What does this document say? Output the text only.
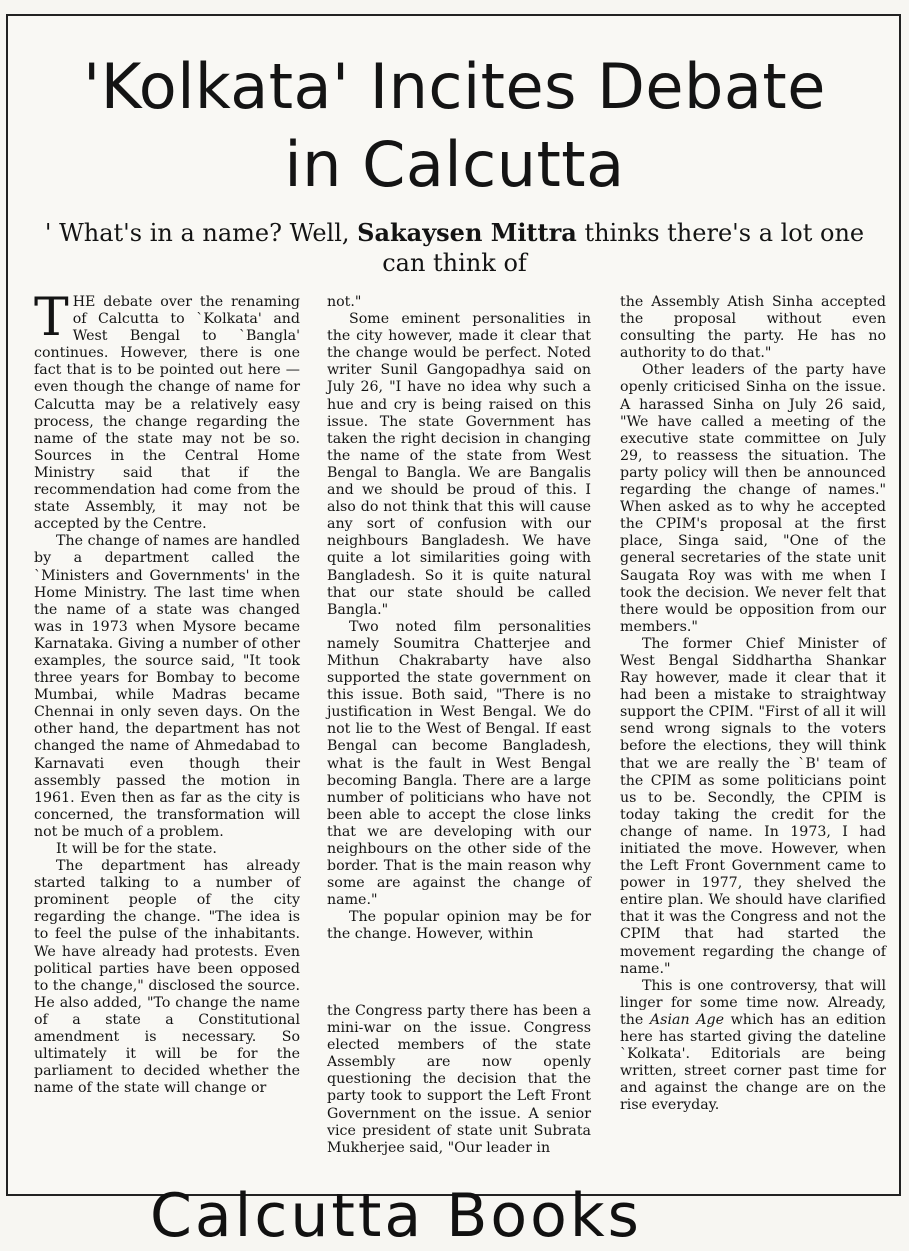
'Kolkata' Incites Debate
in Calcutta

' What's in a name? Well, Sakaysen Mittra thinks there's a lot one can think of

THE debate over the renaming of Calcutta to `Kolkata' and West Bengal to `Bangla' continues. However, there is one fact that is to be pointed out here — even though the change of name for Calcutta may be a relatively easy process, the change regarding the name of the state may not be so. Sources in the Central Home Ministry said that if the recommendation had come from the state Assembly, it may not be accepted by the Centre.

The change of names are handled by a department called the `Ministers and Governments' in the Home Ministry. The last time when the name of a state was changed was in 1973 when Mysore became Karnataka. Giving a number of other examples, the source said, "It took three years for Bombay to become Mumbai, while Madras became Chennai in only seven days. On the other hand, the department has not changed the name of Ahmedabad to Karnavati even though their assembly passed the motion in 1961. Even then as far as the city is concerned, the transformation will not be much of a problem.

It will be for the state.

The department has already started talking to a number of prominent people of the city regarding the change. "The idea is to feel the pulse of the inhabitants. We have already had protests. Even political parties have been opposed to the change," disclosed the source. He also added, "To change the name of a state a Constitutional amendment is necessary. So ultimately it will be for the parliament to decided whether the name of the state will change or

not."

Some eminent personalities in the city however, made it clear that the change would be perfect. Noted writer Sunil Gangopadhya said on July 26, "I have no idea why such a hue and cry is being raised on this issue. The state Government has taken the right decision in changing the name of the state from West Bengal to Bangla. We are Bangalis and we should be proud of this. I also do not think that this will cause any sort of confusion with our neighbours Bangladesh. We have quite a lot similarities going with Bangladesh. So it is quite natural that our state should be called Bangla."

Two noted film personalities namely Soumitra Chatterjee and Mithun Chakrabarty have also supported the state government on this issue. Both said, "There is no justification in West Bengal. We do not lie to the West of Bengal. If east Bengal can become Bangladesh, what is the fault in West Bengal becoming Bangla. There are a large number of politicians who have not been able to accept the close links that we are developing with our neighbours on the other side of the border. That is the main reason why some are against the change of name."

The popular opinion may be for the change. However, within

the Congress party there has been a mini-war on the issue. Congress elected members of the state Assembly are now openly questioning the decision that the party took to support the Left Front Government on the issue. A senior vice president of state unit Subrata Mukherjee said, "Our leader in

the Assembly Atish Sinha accepted the proposal without even consulting the party. He has no authority to do that."

Other leaders of the party have openly criticised Sinha on the issue. A harassed Sinha on July 26 said, "We have called a meeting of the executive state committee on July 29, to reassess the situation. The party policy will then be announced regarding the change of names." When asked as to why he accepted the CPIM's proposal at the first place, Singa said, "One of the general secretaries of the state unit Saugata Roy was with me when I took the decision. We never felt that there would be opposition from our members."

The former Chief Minister of West Bengal Siddhartha Shankar Ray however, made it clear that it had been a mistake to straightway support the CPIM. "First of all it will send wrong signals to the voters before the elections, they will think that we are really the `B' team of the CPIM as some politicians point us to be. Secondly, the CPIM is today taking the credit for the change of name. In 1973, I had initiated the move. However, when the Left Front Government came to power in 1977, they shelved the entire plan. We should have clarified that it was the Congress and not the CPIM that had started the movement regarding the change of name."

This is one controversy, that will linger for some time now. Already, the Asian Age which has an edition here has started giving the dateline `Kolkata'. Editorials are being written, street corner past time for and against the change are on the rise everyday.

Calcutta Books
